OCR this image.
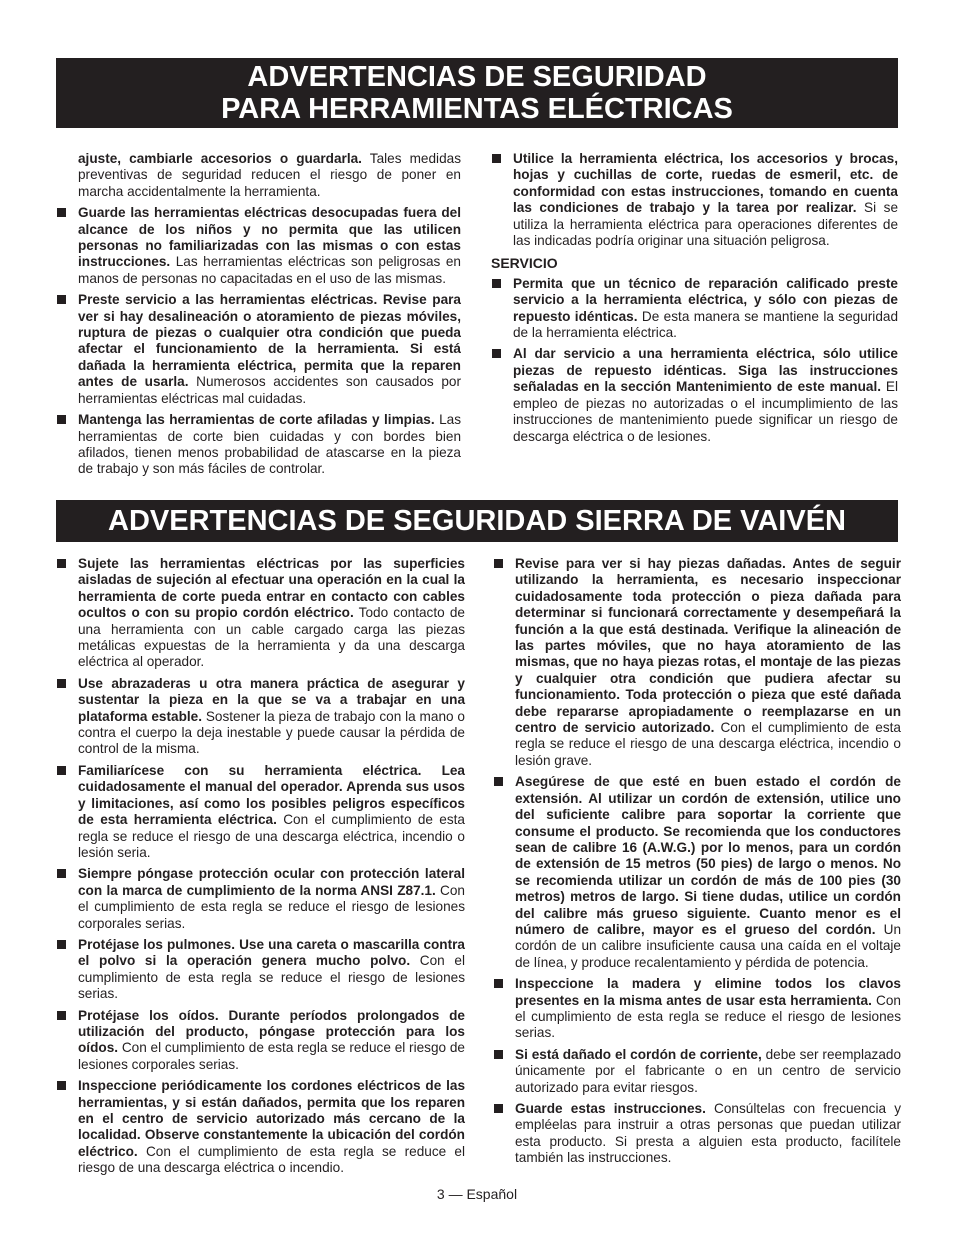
ADVERTENCIAS DE SEGURIDAD
PARA HERRAMIENTAS ELÉCTRICAS
ajuste, cambiarle accesorios o guardarla. Tales medidas preventivas de seguridad reducen el riesgo de poner en marcha accidentalmente la herramienta.
Guarde las herramientas eléctricas desocupadas fuera del alcance de los niños y no permita que las utilicen personas no familiarizadas con las mismas o con estas instrucciones. Las herramientas eléctricas son peligrosas en manos de personas no capacitadas en el uso de las mismas.
Preste servicio a las herramientas eléctricas. Revise para ver si hay desalineación o atoramiento de piezas móviles, ruptura de piezas o cualquier otra condición que pueda afectar el funcionamiento de la herramienta. Si está dañada la herramienta eléctrica, permita que la reparen antes de usarla. Numerosos accidentes son causados por herramientas eléctricas mal cuidadas.
Mantenga las herramientas de corte afiladas y limpias. Las herramientas de corte bien cuidadas y con bordes bien afilados, tienen menos probabilidad de atascarse en la pieza de trabajo y son más fáciles de controlar.
Utilice la herramienta eléctrica, los accesorios y brocas, hojas y cuchillas de corte, ruedas de esmeril, etc. de conformidad con estas instrucciones, tomando en cuenta las condiciones de trabajo y la tarea por realizar. Si se utiliza la herramienta eléctrica para operaciones diferentes de las indicadas podría originar una situación peligrosa.
SERVICIO
Permita que un técnico de reparación calificado preste servicio a la herramienta eléctrica, y sólo con piezas de repuesto idénticas. De esta manera se mantiene la seguridad de la herramienta eléctrica.
Al dar servicio a una herramienta eléctrica, sólo utilice piezas de repuesto idénticas. Siga las instrucciones señaladas en la sección Mantenimiento de este manual. El empleo de piezas no autorizadas o el incumplimiento de las instrucciones de mantenimiento puede significar un riesgo de descarga eléctrica o de lesiones.
ADVERTENCIAS DE SEGURIDAD SIERRA DE VAIVÉN
Sujete las herramientas eléctricas por las superficies aisladas de sujeción al efectuar una operación en la cual la herramienta de corte pueda entrar en contacto con cables ocultos o con su propio cordón eléctrico. Todo contacto de una herramienta con un cable cargado carga las piezas metálicas expuestas de la herramienta y da una descarga eléctrica al operador.
Use abrazaderas u otra manera práctica de asegurar y sustentar la pieza en la que se va a trabajar en una plataforma estable. Sostener la pieza de trabajo con la mano o contra el cuerpo la deja inestable y puede causar la pérdida de control de la misma.
Familiarícese con su herramienta eléctrica. Lea cuidadosamente el manual del operador. Aprenda sus usos y limitaciones, así como los posibles peligros específicos de esta herramienta eléctrica. Con el cumplimiento de esta regla se reduce el riesgo de una descarga eléctrica, incendio o lesión seria.
Siempre póngase protección ocular con protección lateral con la marca de cumplimiento de la norma ANSI Z87.1. Con el cumplimiento de esta regla se reduce el riesgo de lesiones corporales serias.
Protéjase los pulmones. Use una careta o mascarilla contra el polvo si la operación genera mucho polvo. Con el cumplimiento de esta regla se reduce el riesgo de lesiones serias.
Protéjase los oídos. Durante períodos prolongados de utilización del producto, póngase protección para los oídos. Con el cumplimiento de esta regla se reduce el riesgo de lesiones corporales serias.
Inspeccione periódicamente los cordones eléctricos de las herramientas, y si están dañados, permita que los reparen en el centro de servicio autorizado más cercano de la localidad. Observe constantemente la ubicación del cordón eléctrico. Con el cumplimiento de esta regla se reduce el riesgo de una descarga eléctrica o incendio.
Revise para ver si hay piezas dañadas. Antes de seguir utilizando la herramienta, es necesario inspeccionar cuidadosamente toda protección o pieza dañada para determinar si funcionará correctamente y desempeñará la función a la que está destinada. Verifique la alineación de las partes móviles, que no haya atoramiento de las mismas, que no haya piezas rotas, el montaje de las piezas y cualquier otra condición que pudiera afectar su funcionamiento. Toda protección o pieza que esté dañada debe repararse apropiadamente o reemplazarse en un centro de servicio autorizado. Con el cumplimiento de esta regla se reduce el riesgo de una descarga eléctrica, incendio o lesión grave.
Asegúrese de que esté en buen estado el cordón de extensión. Al utilizar un cordón de extensión, utilice uno del suficiente calibre para soportar la corriente que consume el producto. Se recomienda que los conductores sean de calibre 16 (A.W.G.) por lo menos, para un cordón de extensión de 15 metros (50 pies) de largo o menos. No se recomienda utilizar un cordón de más de 100 pies (30 metros) metros de largo. Si tiene dudas, utilice un cordón del calibre más grueso siguiente. Cuanto menor es el número de calibre, mayor es el grueso del cordón. Un cordón de un calibre insuficiente causa una caída en el voltaje de línea, y produce recalentamiento y pérdida de potencia.
Inspeccione la madera y elimine todos los clavos presentes en la misma antes de usar esta herramienta. Con el cumplimiento de esta regla se reduce el riesgo de lesiones serias.
Si está dañado el cordón de corriente, debe ser reemplazado únicamente por el fabricante o en un centro de servicio autorizado para evitar riesgos.
Guarde estas instrucciones. Consúltelas con frecuencia y empléelas para instruir a otras personas que puedan utilizar esta producto. Si presta a alguien esta producto, facilítele también las instrucciones.
3 — Español
